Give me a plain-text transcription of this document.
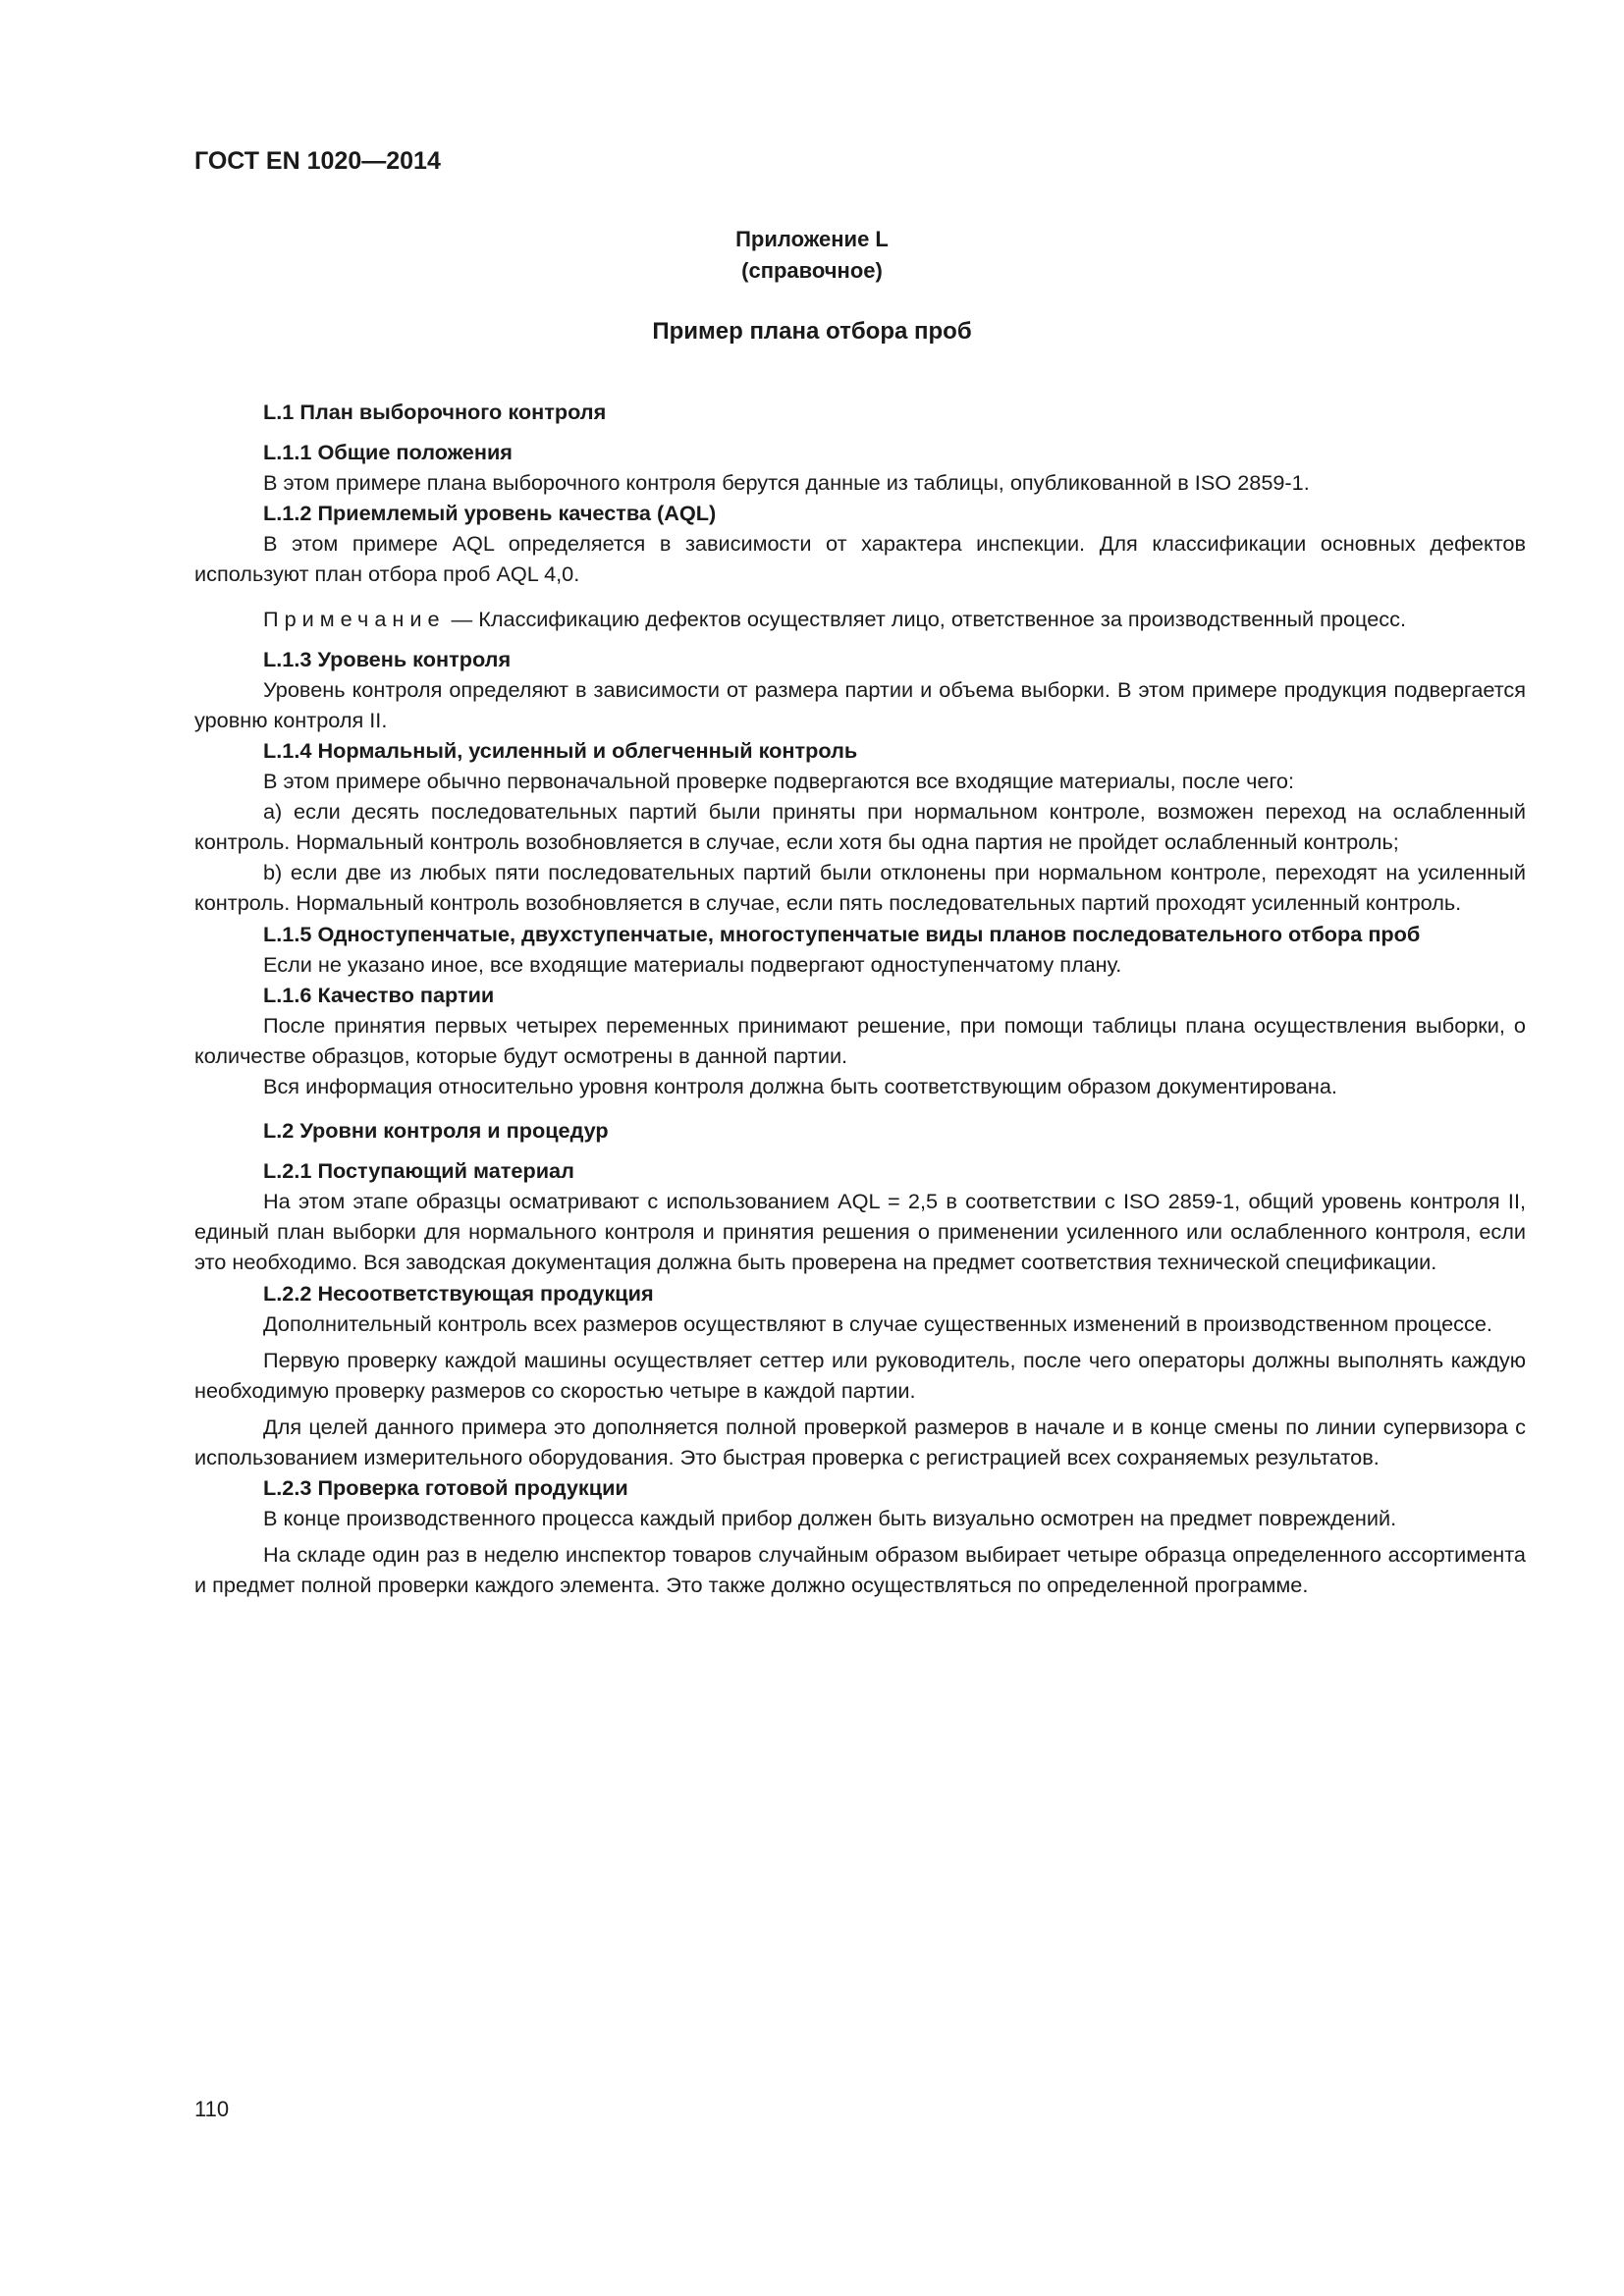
ГОСТ EN 1020—2014
Приложение L
(справочное)
Пример плана отбора проб
L.1 План выборочного контроля
L.1.1 Общие положения
В этом примере плана выборочного контроля берутся данные из таблицы, опубликованной в ISO 2859-1.
L.1.2 Приемлемый уровень качества (AQL)
В этом примере AQL определяется в зависимости от характера инспекции. Для классификации основных дефектов используют план отбора проб AQL 4,0.
Примечание — Классификацию дефектов осуществляет лицо, ответственное за производственный процесс.
L.1.3 Уровень контроля
Уровень контроля определяют в зависимости от размера партии и объема выборки. В этом примере продукция подвергается уровню контроля II.
L.1.4 Нормальный, усиленный и облегченный контроль
В этом примере обычно первоначальной проверке подвергаются все входящие материалы, после чего:
a) если десять последовательных партий были приняты при нормальном контроле, возможен переход на ослабленный контроль. Нормальный контроль возобновляется в случае, если хотя бы одна партия не пройдет ослабленный контроль;
b) если две из любых пяти последовательных партий были отклонены при нормальном контроле, переходят на усиленный контроль. Нормальный контроль возобновляется в случае, если пять последовательных партий проходят усиленный контроль.
L.1.5 Одноступенчатые, двухступенчатые, многоступенчатые виды планов последовательного отбора проб
Если не указано иное, все входящие материалы подвергают одноступенчатому плану.
L.1.6 Качество партии
После принятия первых четырех переменных принимают решение, при помощи таблицы плана осуществления выборки, о количестве образцов, которые будут осмотрены в данной партии.
Вся информация относительно уровня контроля должна быть соответствующим образом документирована.
L.2 Уровни контроля и процедур
L.2.1 Поступающий материал
На этом этапе образцы осматривают с использованием AQL = 2,5 в соответствии с ISO 2859-1, общий уровень контроля II, единый план выборки для нормального контроля и принятия решения о применении усиленного или ослабленного контроля, если это необходимо. Вся заводская документация должна быть проверена на предмет соответствия технической спецификации.
L.2.2 Несоответствующая продукция
Дополнительный контроль всех размеров осуществляют в случае существенных изменений в производственном процессе.
Первую проверку каждой машины осуществляет сеттер или руководитель, после чего операторы должны выполнять каждую необходимую проверку размеров со скоростью четыре в каждой партии.
Для целей данного примера это дополняется полной проверкой размеров в начале и в конце смены по линии супервизора с использованием измерительного оборудования. Это быстрая проверка с регистрацией всех сохраняемых результатов.
L.2.3 Проверка готовой продукции
В конце производственного процесса каждый прибор должен быть визуально осмотрен на предмет повреждений.
На складе один раз в неделю инспектор товаров случайным образом выбирает четыре образца определенного ассортимента и предмет полной проверки каждого элемента. Это также должно осуществляться по определенной программе.
110
